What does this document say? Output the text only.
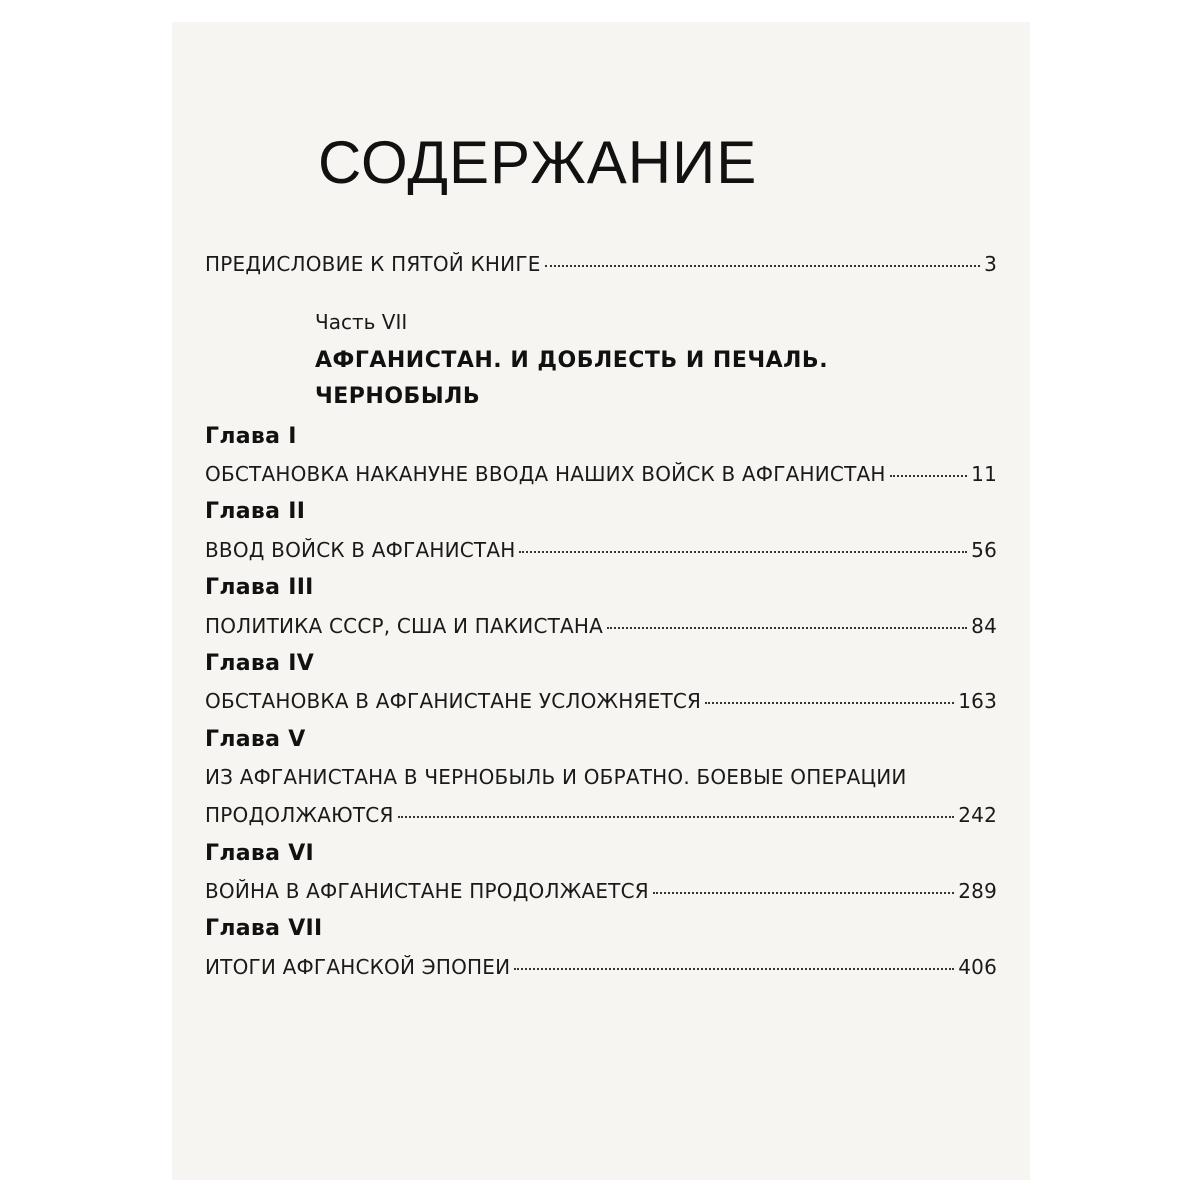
СОДЕРЖАНИЕ
ПРЕДИСЛОВИЕ К ПЯТОЙ КНИГЕ	3
Часть VII
АФГАНИСТАН. И ДОБЛЕСТЬ И ПЕЧАЛЬ.
ЧЕРНОБЫЛЬ
Глава I
ОБСТАНОВКА НАКАНУНЕ ВВОДА НАШИХ ВОЙСК В АФГАНИСТАН	11
Глава II
ВВОД ВОЙСК В АФГАНИСТАН	56
Глава III
ПОЛИТИКА СССР, США И ПАКИСТАНА	84
Глава IV
ОБСТАНОВКА В АФГАНИСТАНЕ УСЛОЖНЯЕТСЯ	163
Глава V
ИЗ АФГАНИСТАНА В ЧЕРНОБЫЛЬ И ОБРАТНО. БОЕВЫЕ ОПЕРАЦИИ
ПРОДОЛЖАЮТСЯ	242
Глава VI
ВОЙНА В АФГАНИСТАНЕ ПРОДОЛЖАЕТСЯ	289
Глава VII
ИТОГИ АФГАНСКОЙ ЭПОПЕИ	406
